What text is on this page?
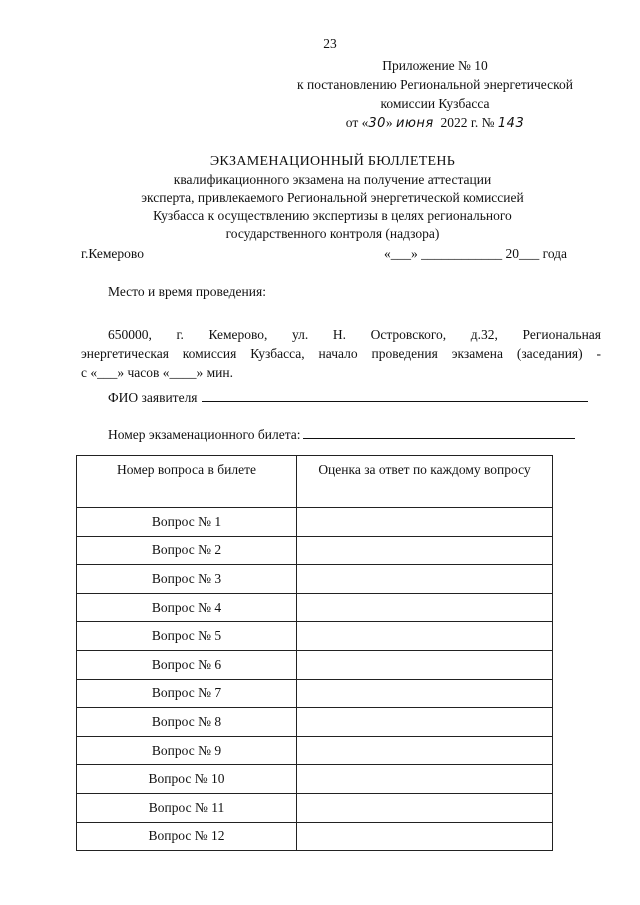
23
Приложение № 10
к постановлению Региональной энергетической
комиссии Кузбасса
от «30» июня 2022 г. № 143
ЭКЗАМЕНАЦИОННЫЙ БЮЛЛЕТЕНЬ
квалификационного экзамена на получение аттестации
эксперта, привлекаемого Региональной энергетической комиссией
Кузбасса к осуществлению экспертизы в целях регионального
государственного контроля (надзора)
г.Кемерово	«___» ____________ 20___ года
Место и время проведения:
650000, г. Кемерово, ул. Н. Островского, д.32, Региональная
энергетическая комиссия Кузбасса, начало проведения экзамена (заседания) -
с «___» часов «____» мин.
ФИО заявителя
Номер экзаменационного билета:
Номер вопроса в билете	Оценка за ответ по каждому вопросу
Вопрос № 1	
Вопрос № 2	
Вопрос № 3	
Вопрос № 4	
Вопрос № 5	
Вопрос № 6	
Вопрос № 7	
Вопрос № 8	
Вопрос № 9	
Вопрос № 10	
Вопрос № 11	
Вопрос № 12	
